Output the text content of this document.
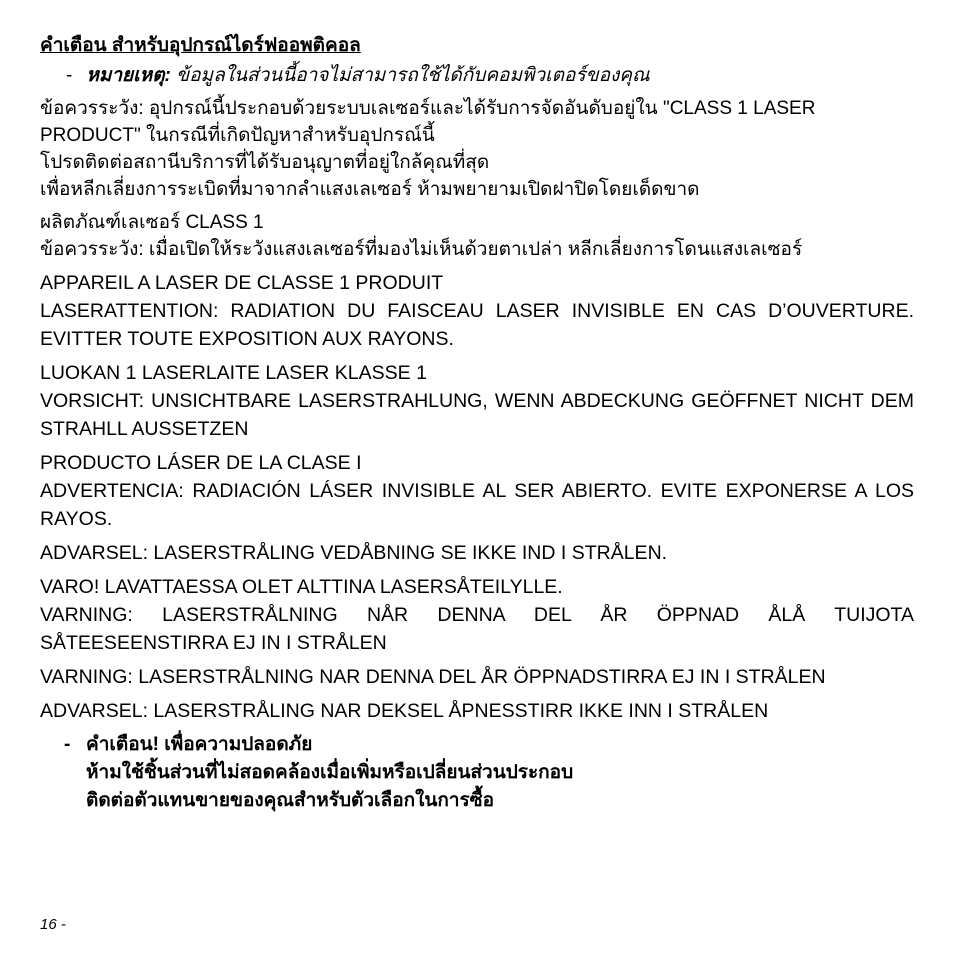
คำเตือน สำหรับอุปกรณ์ไดร์ฟออพติคอล
- หมายเหตุ: ข้อมูลในส่วนนี้อาจไม่สามารถใช้ได้กับคอมพิวเตอร์ของคุณ

ข้อควรระวัง: อุปกรณ์นี้ประกอบด้วยระบบเลเซอร์และได้รับการจัดอันดับอยู่ใน "CLASS 1 LASER PRODUCT" ในกรณีที่เกิดปัญหาสำหรับอุปกรณ์นี้

โปรดติดต่อสถานีบริการที่ได้รับอนุญาตที่อยู่ใกล้คุณที่สุด

เพื่อหลีกเลี่ยงการระเบิดที่มาจากลำแสงเลเซอร์ ห้ามพยายามเปิดฝาปิดโดยเด็ดขาด

ผลิตภัณฑ์เลเซอร์ CLASS 1

ข้อควรระวัง: เมื่อเปิดให้ระวังแสงเลเซอร์ที่มองไม่เห็นด้วยตาเปล่า หลีกเลี่ยงการโดนแสงเลเซอร์

APPAREIL A LASER DE CLASSE 1 PRODUIT

LASERATTENTION: RADIATION DU FAISCEAU LASER INVISIBLE EN CAS D’OUVERTURE. EVITTER TOUTE EXPOSITION AUX RAYONS.

LUOKAN 1 LASERLAITE LASER KLASSE 1

VORSICHT: UNSICHTBARE LASERSTRAHLUNG, WENN ABDECKUNG GEÖFFNET NICHT DEM STRAHLL AUSSETZEN

PRODUCTO LÁSER DE LA CLASE I

ADVERTENCIA: RADIACIÓN LÁSER INVISIBLE AL SER ABIERTO. EVITE EXPONERSE A LOS RAYOS.

ADVARSEL: LASERSTRÅLING VEDÅBNING SE IKKE IND I STRÅLEN.

VARO! LAVATTAESSA OLET ALTTINA LASERSÅTEILYLLE.

VARNING: LASERSTRÅLNING NÅR DENNA DEL ÅR ÖPPNAD ÅLÅ TUIJOTA SÅTEESEENSTIRRA EJ IN I STRÅLEN

VARNING: LASERSTRÅLNING NAR DENNA DEL ÅR ÖPPNADSTIRRA EJ IN I STRÅLEN

ADVARSEL: LASERSTRÅLING NAR DEKSEL ÅPNESSTIRR IKKE INN I STRÅLEN

- คำเตือน! เพื่อความปลอดภัย
ห้ามใช้ชิ้นส่วนที่ไม่สอดคล้องเมื่อเพิ่มหรือเปลี่ยนส่วนประกอบ
ติดต่อตัวแทนขายของคุณสำหรับตัวเลือกในการซื้อ
16 -
